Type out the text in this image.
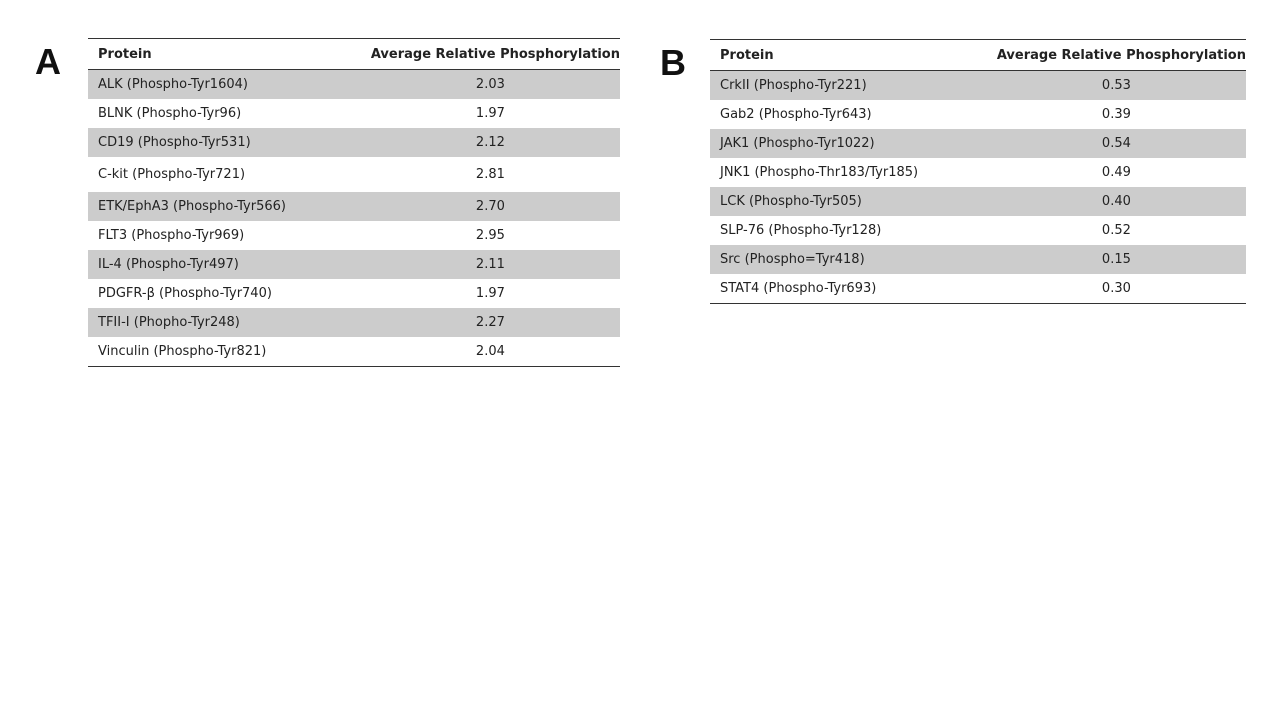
A	Protein	Average Relative Phosphorylation
ALK (Phospho-Tyr1604)	2.03
BLNK (Phospho-Tyr96)	1.97
CD19 (Phospho-Tyr531)	2.12
C-kit (Phospho-Tyr721)	2.81
ETK/EphA3 (Phospho-Tyr566)	2.70
FLT3 (Phospho-Tyr969)	2.95
IL-4 (Phospho-Tyr497)	2.11
PDGFR-β (Phospho-Tyr740)	1.97
TFII-I (Phopho-Tyr248)	2.27
Vinculin (Phospho-Tyr821)	2.04
B	Protein	Average Relative Phosphorylation
CrkII (Phospho-Tyr221)	0.53
Gab2 (Phospho-Tyr643)	0.39
JAK1 (Phospho-Tyr1022)	0.54
JNK1 (Phospho-Thr183/Tyr185)	0.49
LCK (Phospho-Tyr505)	0.40
SLP-76 (Phospho-Tyr128)	0.52
Src (Phospho=Tyr418)	0.15
STAT4 (Phospho-Tyr693)	0.30
